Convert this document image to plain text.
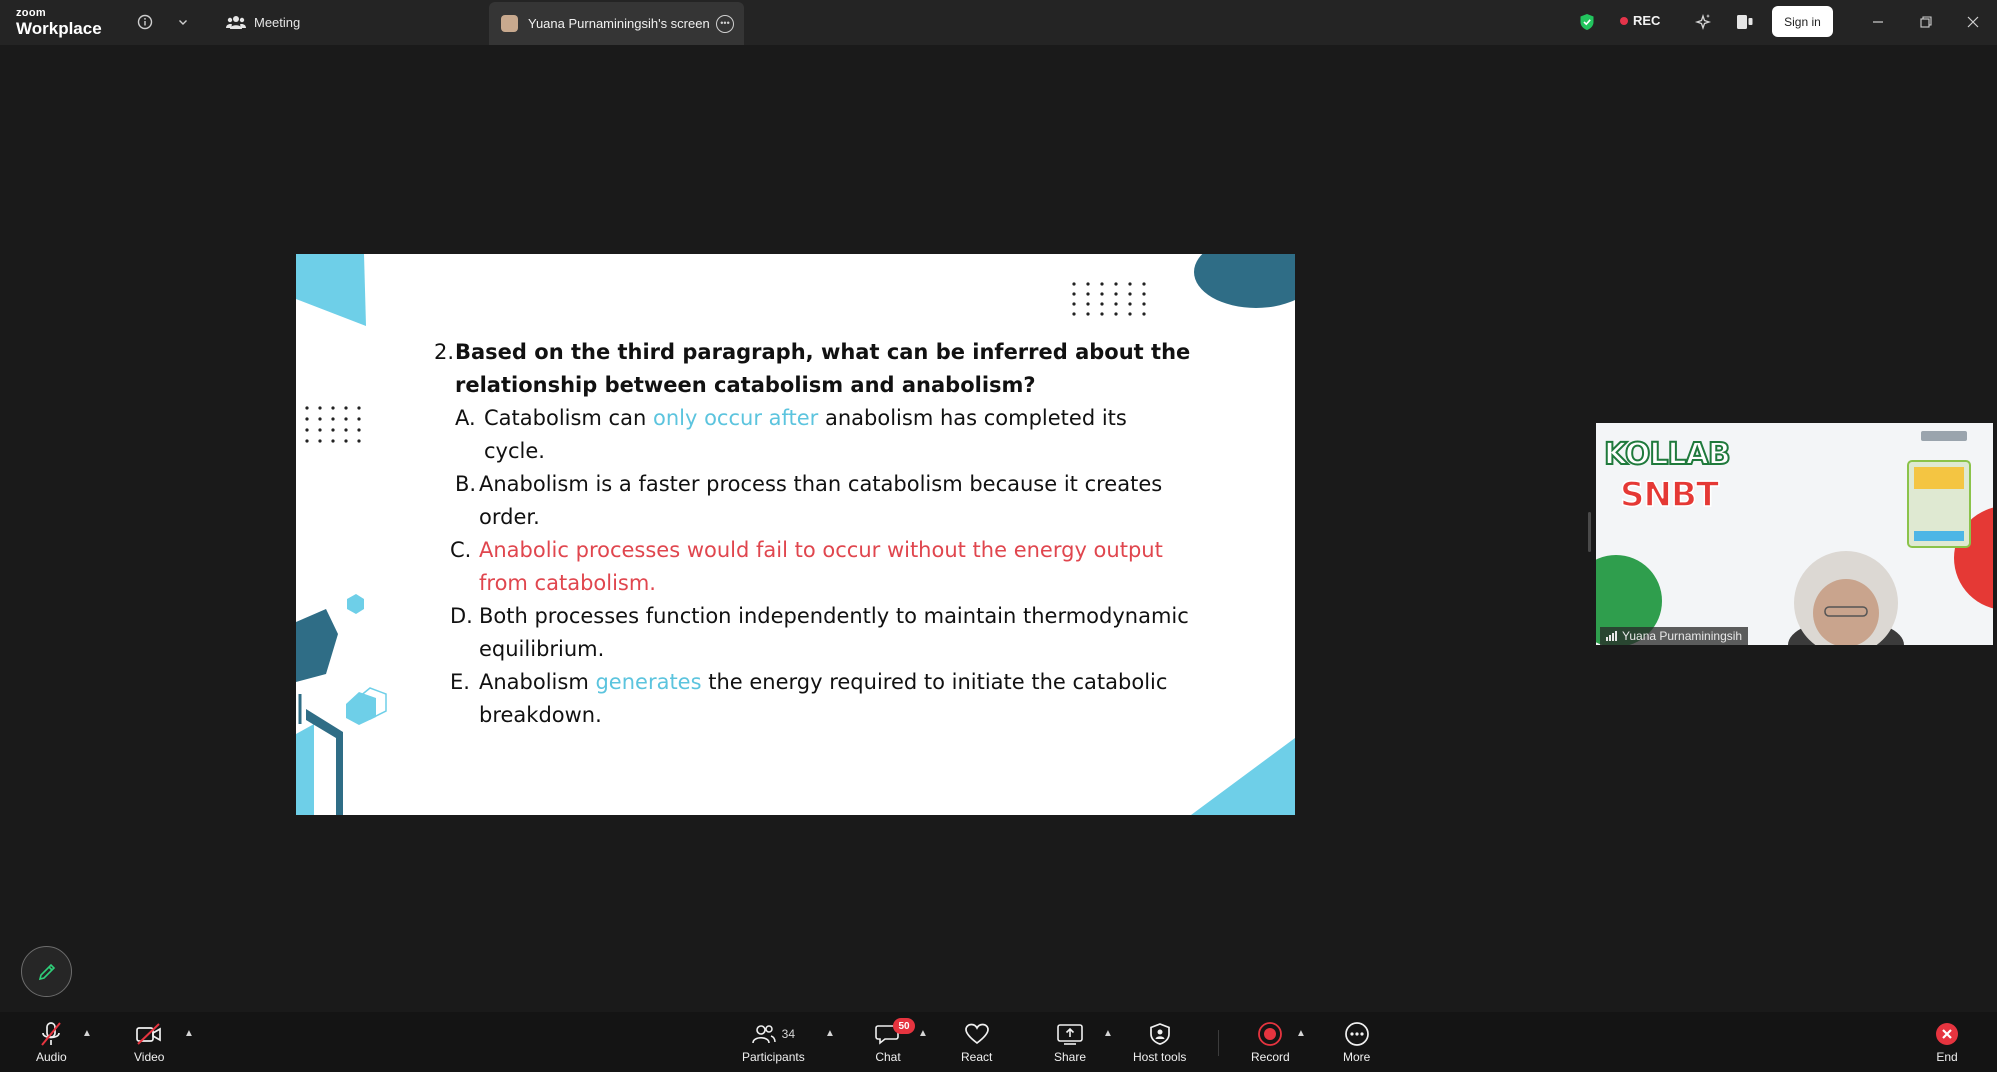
zoom
Workplace	Meeting	Yuana Purnaminingsih's screen	•••	REC	Sign in
2. Based on the third paragraph, what can be inferred about the relationship between catabolism and anabolism?
A. Catabolism can only occur after anabolism has completed its cycle.
B. Anabolism is a faster process than catabolism because it creates order.
C. Anabolic processes would fail to occur without the energy output from catabolism.
D. Both processes function independently to maintain thermodynamic equilibrium.
E. Anabolism generates the energy required to initiate the catabolic breakdown.
KOLLAB
SNBT
Yuana Purnaminingsih
Audio
▲
Video
▲	34
Participants
▲
50
Chat
▲
React	Share
▲
Host tools	Record
▲
More	End
